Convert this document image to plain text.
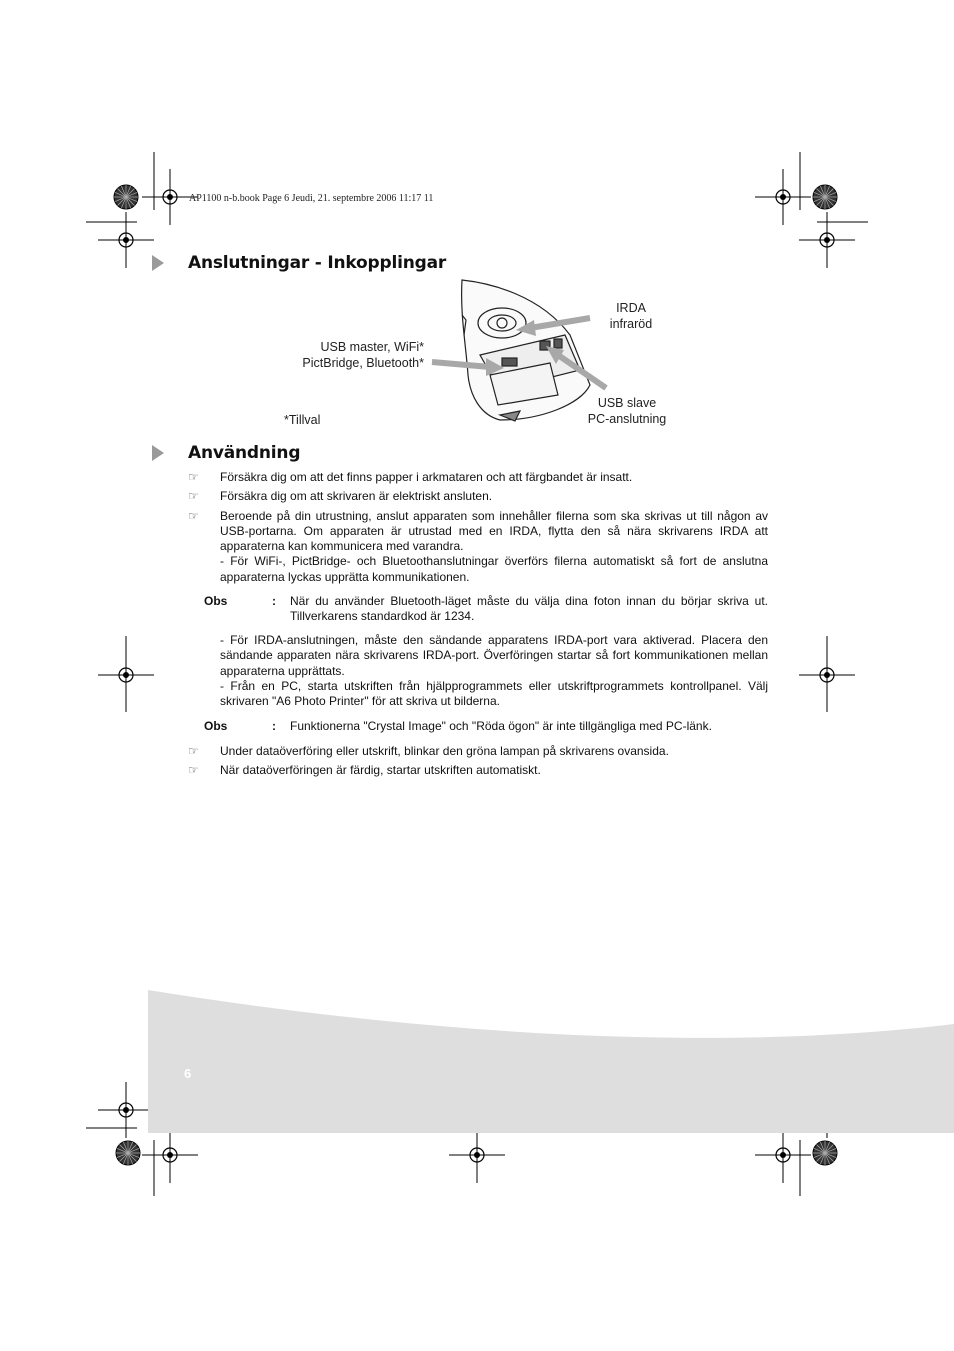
AP1100 n-b.book Page 6 Jeudi, 21. septembre 2006 11:17 11
Anslutningar - Inkopplingar
IRDA
infraröd
USB master, WiFi*
PictBridge, Bluetooth*
USB slave
PC-anslutning
*Tillval
Användning
☞ Försäkra dig om att det finns papper i arkmataren och att färgbandet är insatt.
☞ Försäkra dig om att skrivaren är elektriskt ansluten.
☞ Beroende på din utrustning, anslut apparaten som innehåller filerna som ska skrivas ut till någon av USB-portarna. Om apparaten är utrustad med en IRDA, flytta den så nära skrivarens IRDA att apparaterna kan kommunicera med varandra.
- För WiFi-, PictBridge- och Bluetoothanslutningar överförs filerna automatiskt så fort de anslutna apparaterna lyckas upprätta kommunikationen.
Obs	: När du använder Bluetooth-läget måste du välja dina foton innan du börjar skriva ut. Tillverkarens standardkod är 1234.
- För IRDA-anslutningen, måste den sändande apparatens IRDA-port vara aktiverad. Placera den sändande apparaten nära skrivarens IRDA-port. Överföringen startar så fort kommunikationen mellan apparaterna upprättats.
- Från en PC, starta utskriften från hjälpprogrammets eller utskriftprogrammets kontrollpanel. Välj skrivaren "A6 Photo Printer" för att skriva ut bilderna.
Obs	: Funktionerna "Crystal Image" och "Röda ögon" är inte tillgängliga med PC-länk.
☞ Under dataöverföring eller utskrift, blinkar den gröna lampan på skrivarens ovansida.
☞ När dataöverföringen är färdig, startar utskriften automatiskt.
6
